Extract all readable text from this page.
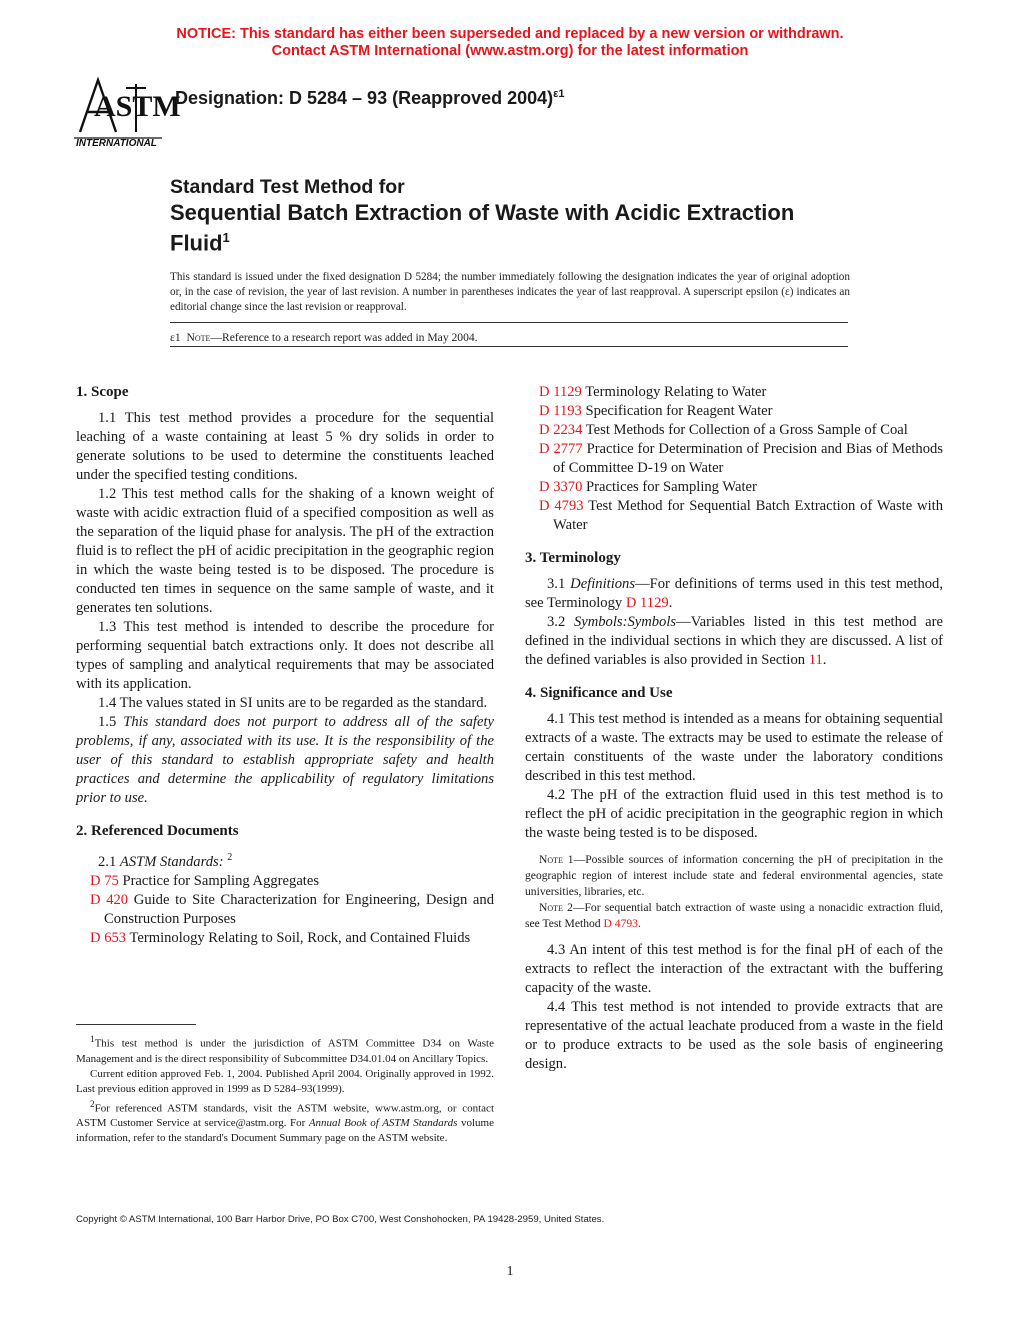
NOTICE: This standard has either been superseded and replaced by a new version or withdrawn.
Contact ASTM International (www.astm.org) for the latest information
ASTM
INTERNATIONAL
Designation: D 5284 – 93 (Reapproved 2004)$^{\varepsilon 1}$
Standard Test Method for
Sequential Batch Extraction of Waste with Acidic Extraction
Fluid$^1$
This standard is issued under the fixed designation D 5284; the number immediately following the designation indicates the year of original adoption or, in the case of revision, the year of last revision. A number in parentheses indicates the year of last reapproval. A superscript epsilon (ε) indicates an editorial change since the last revision or reapproval.
ε1 Note—Reference to a research report was added in May 2004.

1. Scope

1.1 This test method provides a procedure for the sequential leaching of a waste containing at least 5 % dry solids in order to generate solutions to be used to determine the constituents leached under the specified testing conditions.

1.2 This test method calls for the shaking of a known weight of waste with acidic extraction fluid of a specified composition as well as the separation of the liquid phase for analysis. The pH of the extraction fluid is to reflect the pH of acidic precipitation in the geographic region in which the waste being tested is to be disposed. The procedure is conducted ten times in sequence on the same sample of waste, and it generates ten solutions.

1.3 This test method is intended to describe the procedure for performing sequential batch extractions only. It does not describe all types of sampling and analytical requirements that may be associated with its application.

1.4 The values stated in SI units are to be regarded as the standard.

1.5 This standard does not purport to address all of the safety problems, if any, associated with its use. It is the responsibility of the user of this standard to establish appropriate safety and health practices and determine the applicability of regulatory limitations prior to use.

2. Referenced Documents

2.1 ASTM Standards: $^2$

D 75 Practice for Sampling Aggregates

D 420 Guide to Site Characterization for Engineering, Design and Construction Purposes

D 653 Terminology Relating to Soil, Rock, and Contained Fluids

$^1$This test method is under the jurisdiction of ASTM Committee D34 on Waste Management and is the direct responsibility of Subcommittee D34.01.04 on Ancillary Topics.

Current edition approved Feb. 1, 2004. Published April 2004. Originally approved in 1992. Last previous edition approved in 1999 as D 5284–93(1999).

$^2$For referenced ASTM standards, visit the ASTM website, www.astm.org, or contact ASTM Customer Service at service@astm.org. For Annual Book of ASTM Standards volume information, refer to the standard's Document Summary page on the ASTM website.

D 1129 Terminology Relating to Water

D 1193 Specification for Reagent Water

D 2234 Test Methods for Collection of a Gross Sample of Coal

D 2777 Practice for Determination of Precision and Bias of Methods of Committee D-19 on Water

D 3370 Practices for Sampling Water

D 4793 Test Method for Sequential Batch Extraction of Waste with Water

3. Terminology

3.1 Definitions—For definitions of terms used in this test method, see Terminology D 1129.

3.2 Symbols:Symbols—Variables listed in this test method are defined in the individual sections in which they are discussed. A list of the defined variables is also provided in Section 11.

4. Significance and Use

4.1 This test method is intended as a means for obtaining sequential extracts of a waste. The extracts may be used to estimate the release of certain constituents of the waste under the laboratory conditions described in this test method.

4.2 The pH of the extraction fluid used in this test method is to reflect the pH of acidic precipitation in the geographic region in which the waste being tested is to be disposed.

Note 1—Possible sources of information concerning the pH of precipitation in the geographic region of interest include state and federal environmental agencies, state universities, libraries, etc.

Note 2—For sequential batch extraction of waste using a nonacidic extraction fluid, see Test Method D 4793.

4.3 An intent of this test method is for the final pH of each of the extracts to reflect the interaction of the extractant with the buffering capacity of the waste.

4.4 This test method is not intended to provide extracts that are representative of the actual leachate produced from a waste in the field or to produce extracts to be used as the sole basis of engineering design.

Copyright © ASTM International, 100 Barr Harbor Drive, PO Box C700, West Conshohocken, PA 19428-2959, United States.
1
